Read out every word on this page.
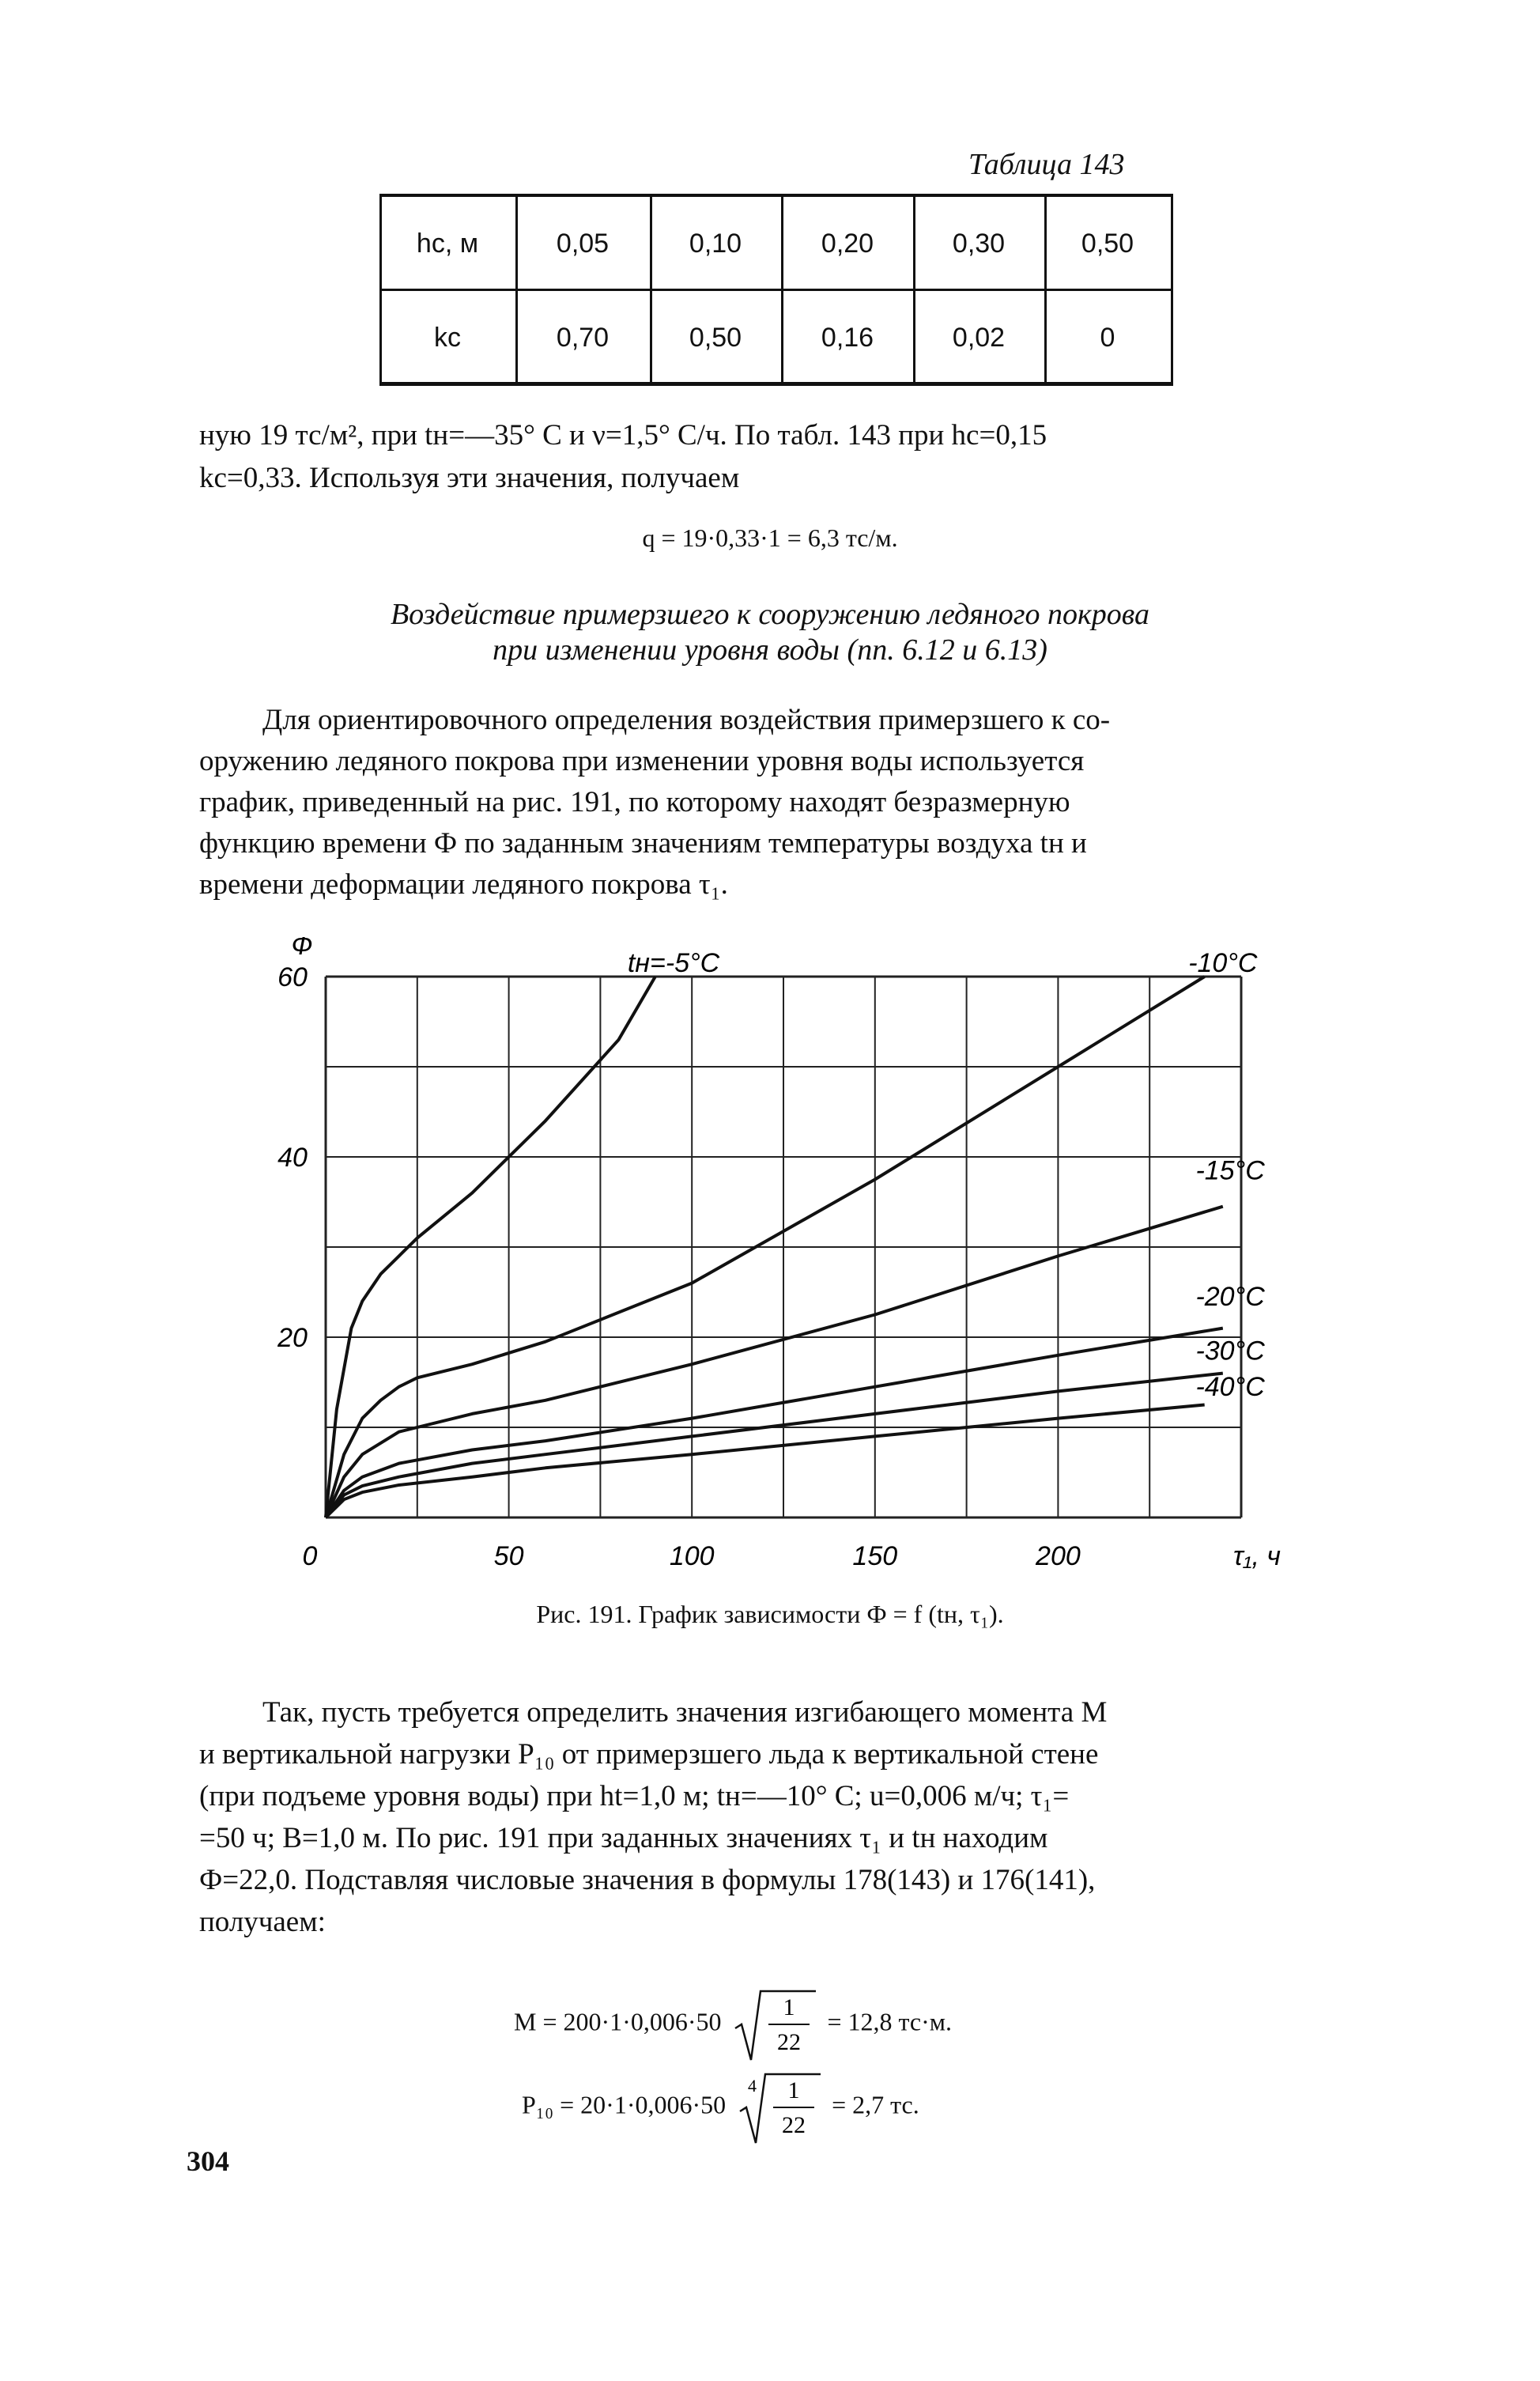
Таблица 143
hc, м	0,05	0,10	0,20	0,30	0,50
kc	0,70	0,50	0,16	0,02	0
ную 19 тс/м², при tн=—35° С и ν=1,5° С/ч. По табл. 143 при hc=0,15
kc=0,33. Используя эти значения, получаем
q = 19·0,33·1 = 6,3 тс/м.
Воздействие примерзшего к сооружению ледяного покрова
при изменении уровня воды (пп. 6.12 и 6.13)
Для ориентировочного определения воздействия примерзшего к со-
оружению ледяного покрова при изменении уровня воды используется
график, приведенный на рис. 191, по которому находят безразмерную
функцию времени Ф по заданным значениям температуры воздуха tн и
времени деформации ледяного покрова τ₁.
0	50	100	150	200
20
40
60
Ф
τ₁, ч
tн=-5°C	-10°C
-15°C
-20°C
-30°C
-40°C
Рис. 191. График зависимости Ф = f (tн, τ₁).
Так, пусть требуется определить значения изгибающего момента M
и вертикальной нагрузки P₁₀ от примерзшего льда к вертикальной стене
(при подъеме уровня воды) при ht=1,0 м; tн=—10° С; u=0,006 м/ч; τ₁=
=50 ч; B=1,0 м. По рис. 191 при заданных значениях τ₁ и tн находим
Ф=22,0. Подставляя числовые значения в формулы 178(143) и 176(141),
получаем:
M = 200·1·0,006·50	1
22
= 12,8 тс·м.
P₁₀ = 20·1·0,006·50
4 1
22
= 2,7 тс.
304
